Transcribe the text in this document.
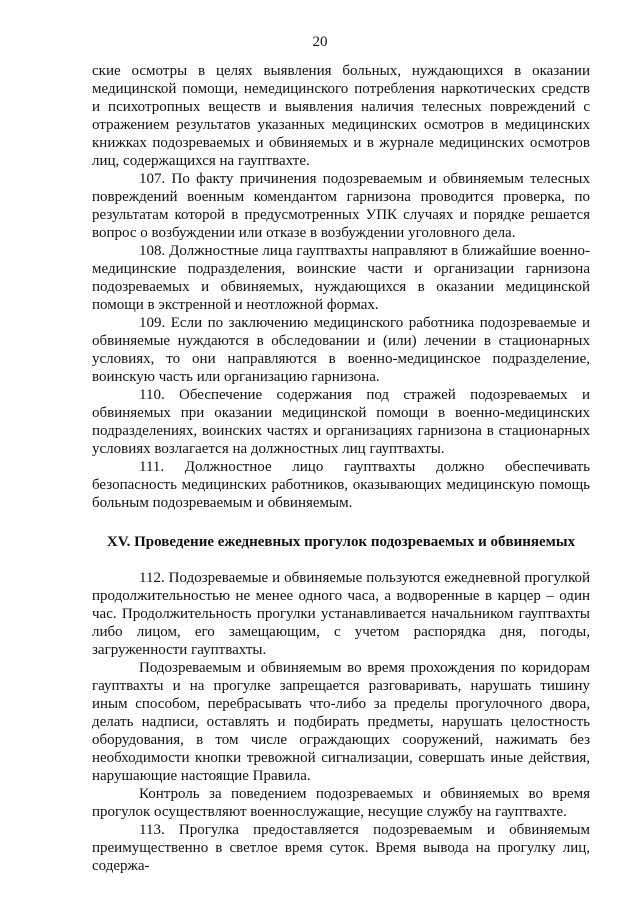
20

ские осмотры в целях выявления больных, нуждающихся в оказании медицинской помощи, немедицинского потребления наркотических средств и психотропных веществ и выявления наличия телесных повреждений с отражением результатов указанных медицинских осмотров в медицинских книжках подозреваемых и обвиняемых и в журнале медицинских осмотров лиц, содержащихся на гауптвахте.

107. По факту причинения подозреваемым и обвиняемым телесных повреждений военным комендантом гарнизона проводится проверка, по результатам которой в предусмотренных УПК случаях и порядке решается вопрос о возбуждении или отказе в возбуждении уголовного дела.

108. Должностные лица гауптвахты направляют в ближайшие военно-медицинские подразделения, воинские части и организации гарнизона подозреваемых и обвиняемых, нуждающихся в оказании медицинской помощи в экстренной и неотложной формах.

109. Если по заключению медицинского работника подозреваемые и обвиняемые нуждаются в обследовании и (или) лечении в стационарных условиях, то они направляются в военно-медицинское подразделение, воинскую часть или организацию гарнизона.

110. Обеспечение содержания под стражей подозреваемых и обвиняемых при оказании медицинской помощи в военно-медицинских подразделениях, воинских частях и организациях гарнизона в стационарных условиях возлагается на должностных лиц гауптвахты.

111. Должностное лицо гауптвахты должно обеспечивать безопасность медицинских работников, оказывающих медицинскую помощь больным подозреваемым и обвиняемым.

XV. Проведение ежедневных прогулок подозреваемых и обвиняемых

112. Подозреваемые и обвиняемые пользуются ежедневной прогулкой продолжительностью не менее одного часа, а водворенные в карцер – один час. Продолжительность прогулки устанавливается начальником гауптвахты либо лицом, его замещающим, с учетом распорядка дня, погоды, загруженности гауптвахты.

Подозреваемым и обвиняемым во время прохождения по коридорам гауптвахты и на прогулке запрещается разговаривать, нарушать тишину иным способом, перебрасывать что-либо за пределы прогулочного двора, делать надписи, оставлять и подбирать предметы, нарушать целостность оборудования, в том числе ограждающих сооружений, нажимать без необходимости кнопки тревожной сигнализации, совершать иные действия, нарушающие настоящие Правила.

Контроль за поведением подозреваемых и обвиняемых во время прогулок осуществляют военнослужащие, несущие службу на гауптвахте.

113. Прогулка предоставляется подозреваемым и обвиняемым преимущественно в светлое время суток. Время вывода на прогулку лиц, содержа-
